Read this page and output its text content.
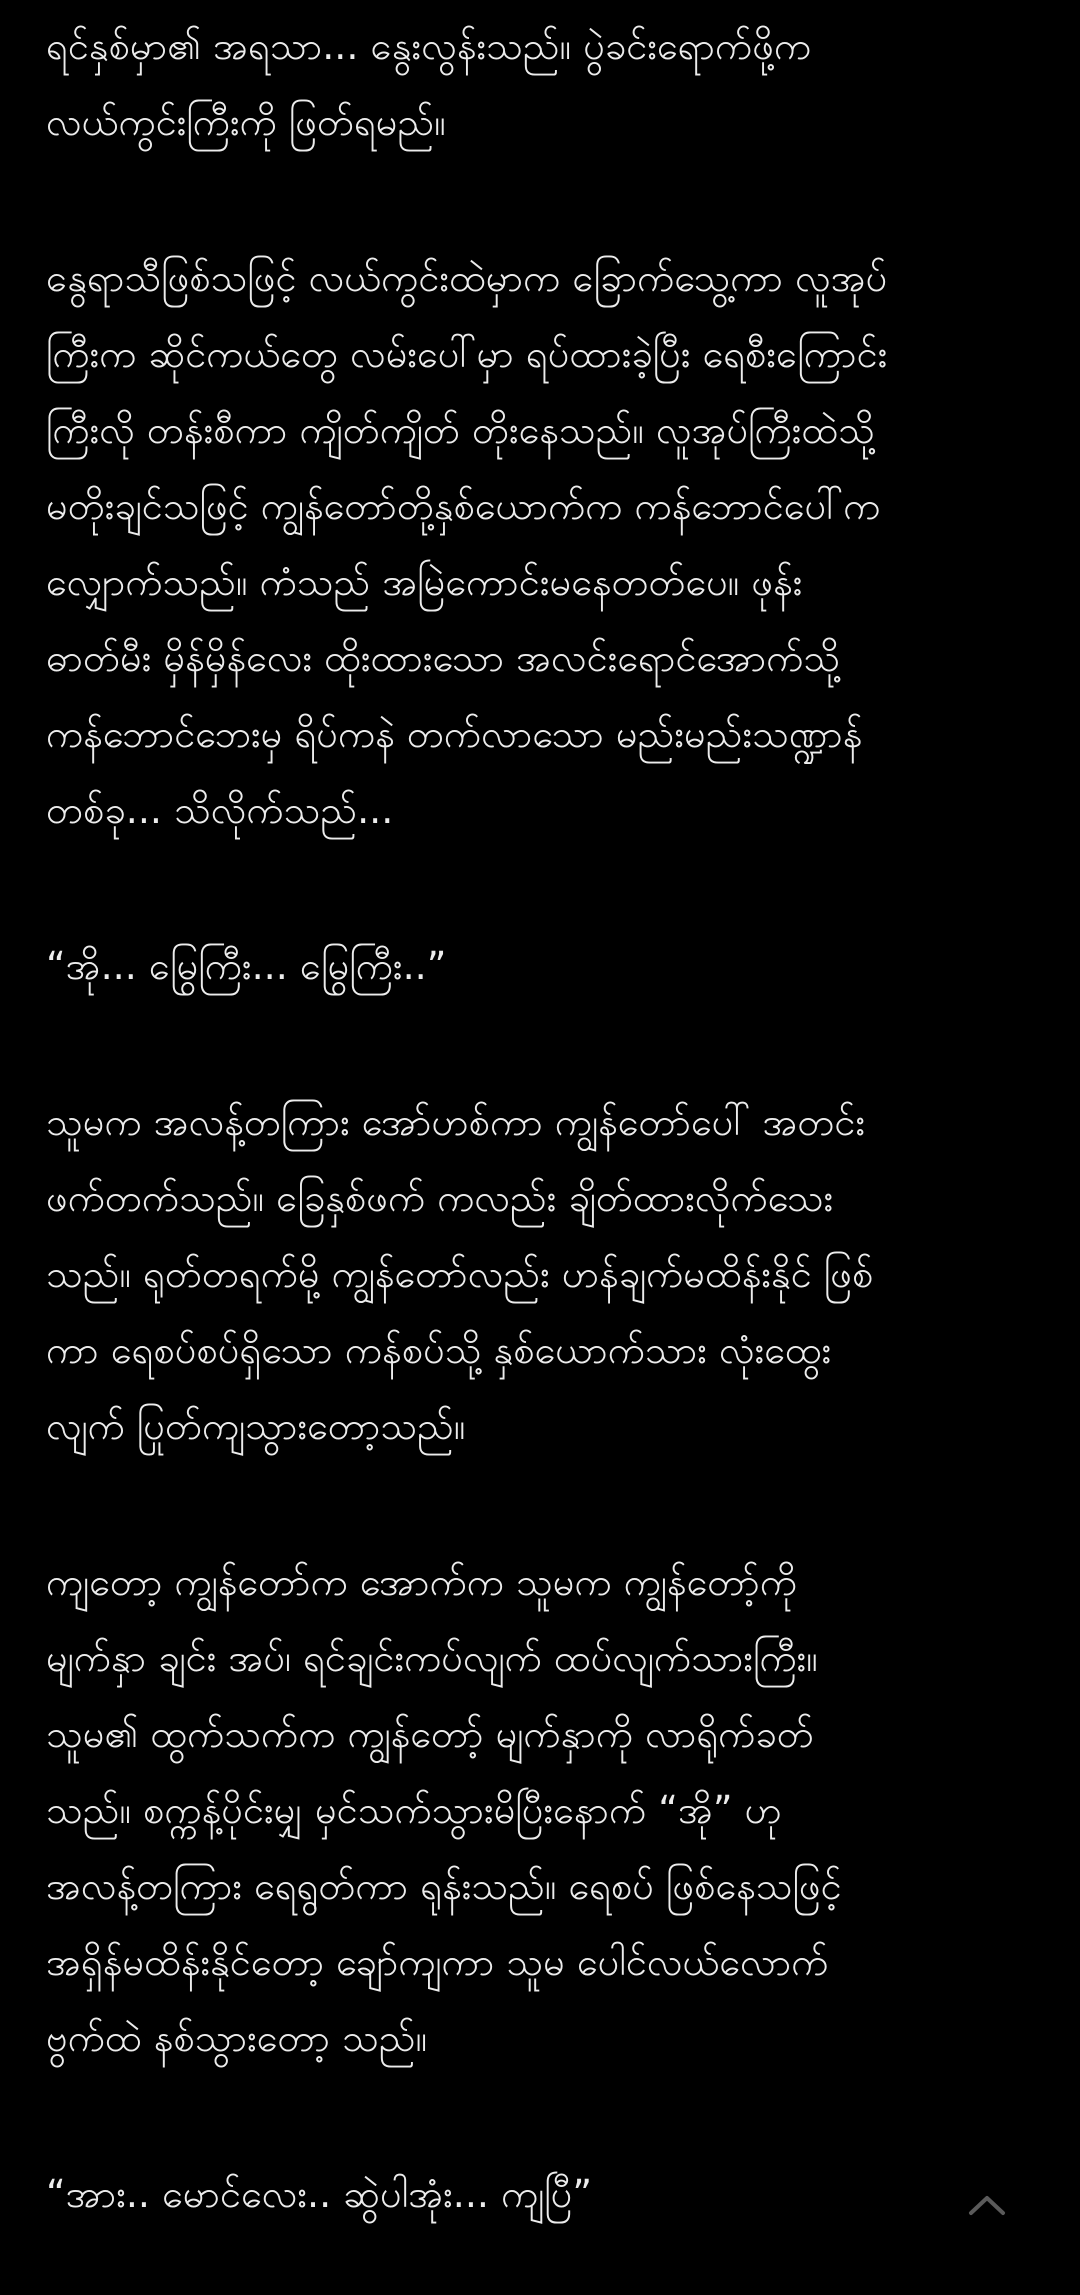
ရင်နှစ်မှာ၏ အရသာ... နွေးလွန်းသည်။ ပွဲခင်းရောက်ဖို့က
လယ်ကွင်းကြီးကို ဖြတ်ရမည်။
နွေရာသီဖြစ်သဖြင့် လယ်ကွင်းထဲမှာက ခြောက်သွေ့ကာ လူအုပ်
ကြီးက ဆိုင်ကယ်တွေ လမ်းပေါ်မှာ ရပ်ထားခဲ့ပြီး ရေစီးကြောင်း
ကြီးလို တန်းစီကာ ကျိတ်ကျိတ် တိုးနေသည်။ လူအုပ်ကြီးထဲသို့
မတိုးချင်သဖြင့် ကျွန်တော်တို့နှစ်ယောက်က ကန်ဘောင်ပေါ်က
လျှောက်သည်။ ကံသည် အမြဲကောင်းမနေတတ်ပေ။ ဖုန်း
ဓာတ်မီး မှိန်မှိန်လေး ထိုးထားသော အလင်းရောင်အောက်သို့
ကန်ဘောင်ဘေးမှ ရိပ်ကနဲ တက်လာသော မည်းမည်းသဏ္ဍာန်
တစ်ခု... သိလိုက်သည်...
“အို... မြွေကြီး... မြွေကြီး..”
သူမက အလန့်တကြား အော်ဟစ်ကာ ကျွန်တော်ပေါ် အတင်း
ဖက်တက်သည်။ ခြေနှစ်ဖက် ကလည်း ချိတ်ထားလိုက်သေး
သည်။ ရုတ်တရက်မို့ ကျွန်တော်လည်း ဟန်ချက်မထိန်းနိုင် ဖြစ်
ကာ ရေစပ်စပ်ရှိသော ကန်စပ်သို့ နှစ်ယောက်သား လုံးထွေး
လျက် ပြုတ်ကျသွားတော့သည်။
ကျတော့ ကျွန်တော်က အောက်က သူမက ကျွန်တော့်ကို
မျက်နှာ ချင်း အပ်၊ ရင်ချင်းကပ်လျက် ထပ်လျက်သားကြီး။
သူမ၏ ထွက်သက်က ကျွန်တော့် မျက်နှာကို လာရိုက်ခတ်
သည်။ စက္ကန့်ပိုင်းမျှ မှင်သက်သွားမိပြီးနောက် “အို” ဟု
အလန့်တကြား ရေရွတ်ကာ ရုန်းသည်။ ရေစပ် ဖြစ်နေသဖြင့်
အရှိန်မထိန်းနိုင်တော့ ချော်ကျကာ သူမ ပေါင်လယ်လောက်
ဗွက်ထဲ နစ်သွားတော့ သည်။
“အား.. မောင်လေး.. ဆွဲပါအုံး... ကျပြီ”
